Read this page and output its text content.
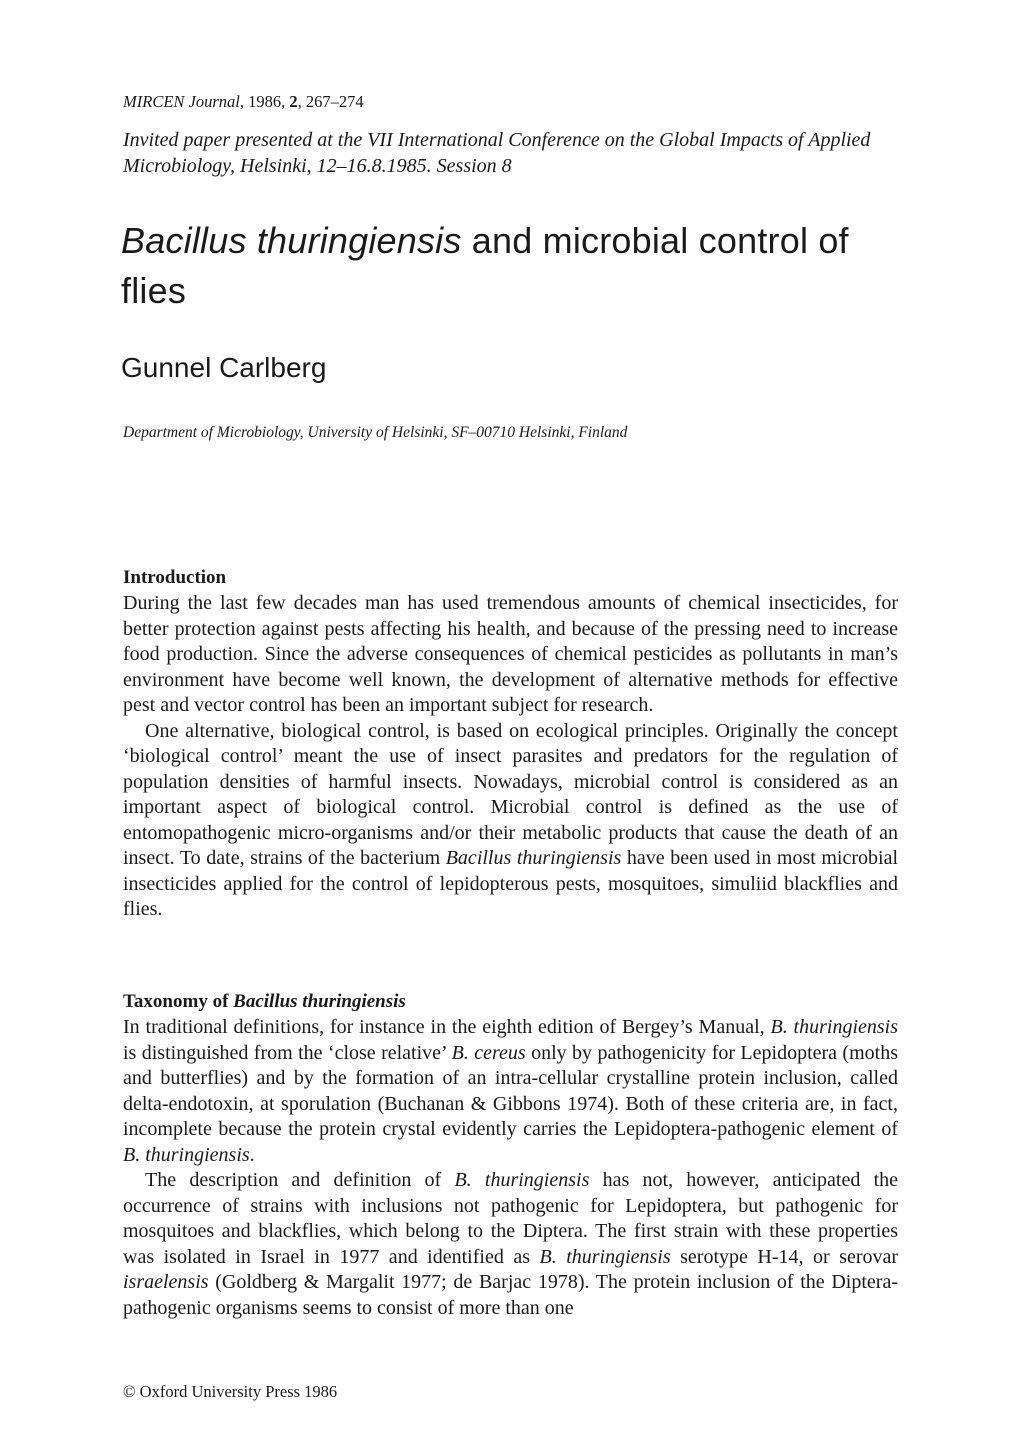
MIRCEN Journal, 1986, 2, 267–274
Invited paper presented at the VII International Conference on the Global Impacts of Applied Microbiology, Helsinki, 12–16.8.1985. Session 8
Bacillus thuringiensis and microbial control of flies
Gunnel Carlberg
Department of Microbiology, University of Helsinki, SF–00710 Helsinki, Finland
Introduction

During the last few decades man has used tremendous amounts of chemical insecticides, for better protection against pests affecting his health, and because of the pressing need to increase food production. Since the adverse consequences of chemical pesticides as pollutants in man’s environment have become well known, the development of alternative methods for effective pest and vector control has been an important subject for research.

One alternative, biological control, is based on ecological principles. Originally the concept ‘biological control’ meant the use of insect parasites and predators for the regulation of population densities of harmful insects. Nowadays, microbial control is considered as an important aspect of biological control. Microbial control is defined as the use of entomopathogenic micro-organisms and/or their metabolic products that cause the death of an insect. To date, strains of the bacterium Bacillus thuringiensis have been used in most microbial insecticides applied for the control of lepidopterous pests, mosquitoes, simuliid blackflies and flies.

Taxonomy of Bacillus thuringiensis

In traditional definitions, for instance in the eighth edition of Bergey’s Manual, B. thuringiensis is distinguished from the ‘close relative’ B. cereus only by pathogenicity for Lepidoptera (moths and butterflies) and by the formation of an intra-cellular crystalline protein inclusion, called delta-endotoxin, at sporulation (Buchanan & Gibbons 1974). Both of these criteria are, in fact, incomplete because the protein crystal evidently carries the Lepidoptera-pathogenic element of B. thuringiensis.

The description and definition of B. thuringiensis has not, however, anticipated the occurrence of strains with inclusions not pathogenic for Lepidoptera, but pathogenic for mosquitoes and blackflies, which belong to the Diptera. The first strain with these properties was isolated in Israel in 1977 and identified as B. thuringiensis serotype H-14, or serovar israelensis (Goldberg & Margalit 1977; de Barjac 1978). The protein inclusion of the Diptera-pathogenic organisms seems to consist of more than one

© Oxford University Press 1986
